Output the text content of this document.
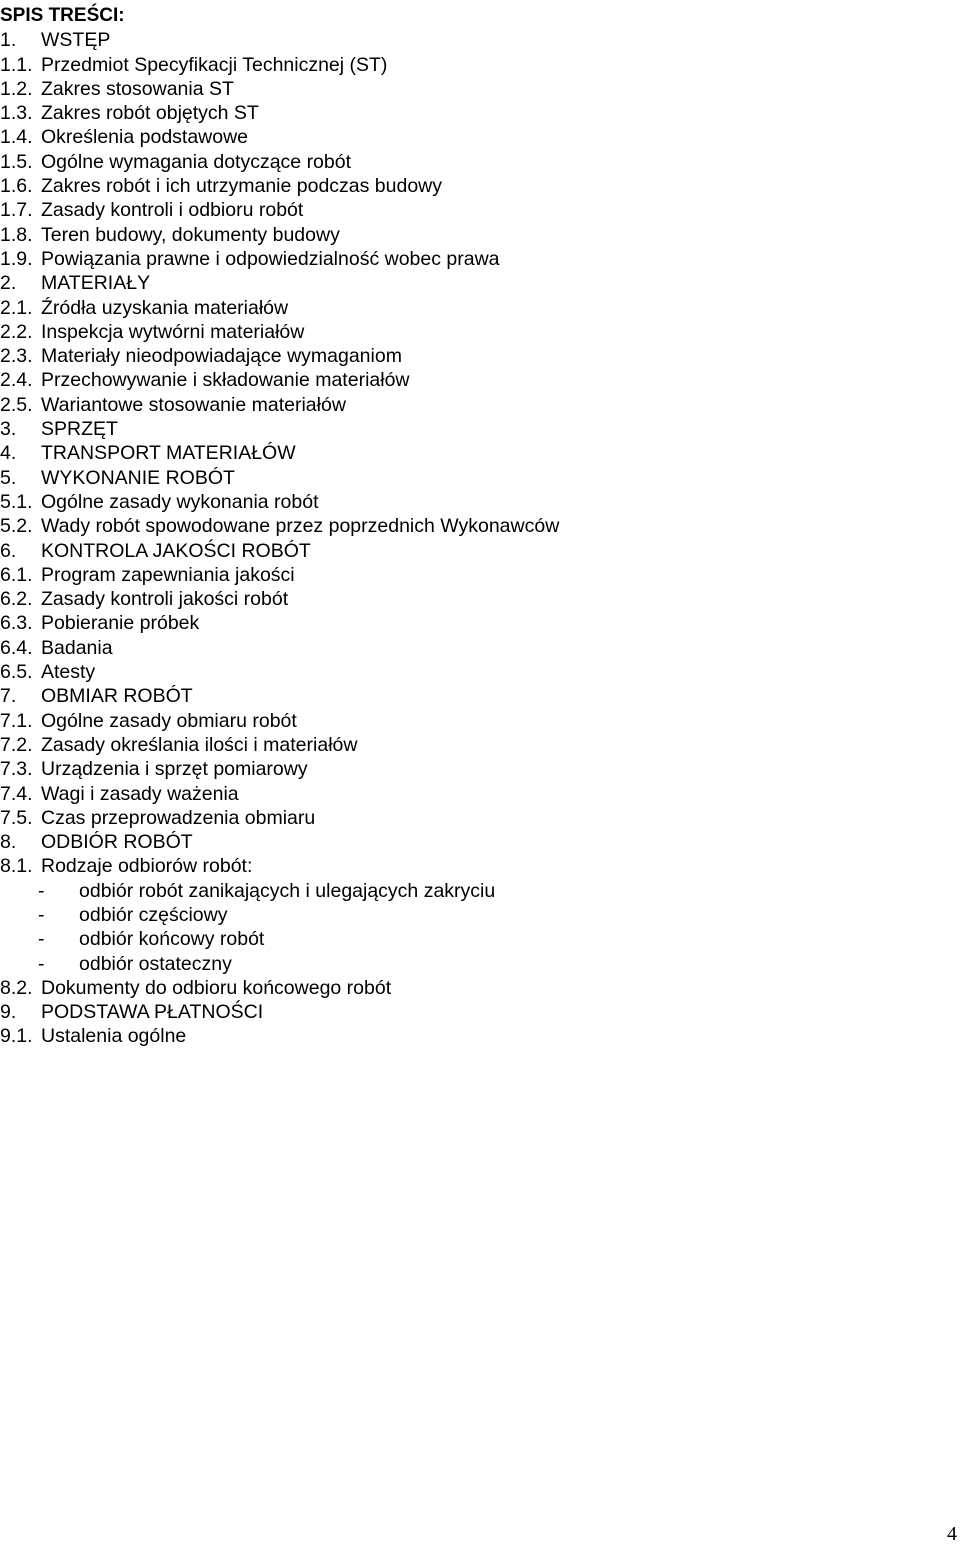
SPIS TREŚCI:
1.	WSTĘP
1.1. Przedmiot Specyfikacji Technicznej (ST)
1.2. Zakres stosowania ST
1.3. Zakres robót objętych ST
1.4. Określenia podstawowe
1.5. Ogólne wymagania dotyczące robót
1.6. Zakres robót i ich utrzymanie podczas budowy
1.7. Zasady kontroli i odbioru robót
1.8. Teren budowy, dokumenty budowy
1.9. Powiązania prawne i odpowiedzialność wobec prawa
2.	MATERIAŁY
2.1. Źródła uzyskania materiałów
2.2. Inspekcja wytwórni materiałów
2.3. Materiały nieodpowiadające wymaganiom
2.4. Przechowywanie i składowanie materiałów
2.5. Wariantowe stosowanie materiałów
3.	SPRZĘT
4.	TRANSPORT MATERIAŁÓW
5.	WYKONANIE ROBÓT
5.1. Ogólne zasady wykonania robót
5.2. Wady robót spowodowane przez poprzednich Wykonawców
6.	KONTROLA JAKOŚCI ROBÓT
6.1. Program zapewniania jakości
6.2. Zasady kontroli jakości robót
6.3. Pobieranie próbek
6.4. Badania
6.5. Atesty
7.	OBMIAR ROBÓT
7.1. Ogólne zasady obmiaru robót
7.2. Zasady określania ilości i materiałów
7.3. Urządzenia i sprzęt pomiarowy
7.4. Wagi i zasady ważenia
7.5. Czas przeprowadzenia obmiaru
8.	ODBIÓR ROBÓT
8.1. Rodzaje odbiorów robót:
-	odbiór robót zanikających i ulegających zakryciu
-	odbiór częściowy
-	odbiór końcowy robót
-	odbiór ostateczny
8.2. Dokumenty do odbioru końcowego robót
9.	PODSTAWA PŁATNOŚCI
9.1. Ustalenia ogólne
4
